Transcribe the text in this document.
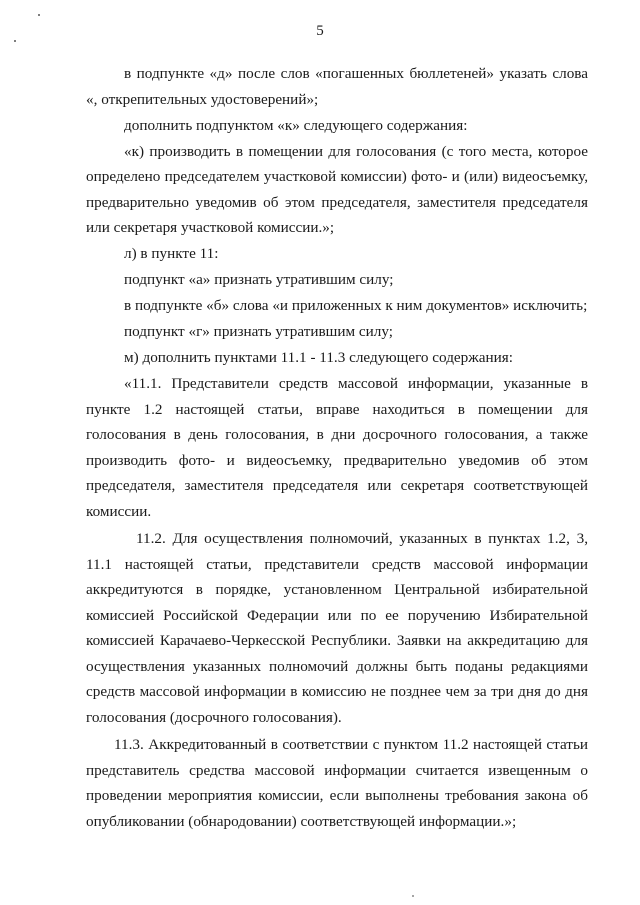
5

в подпункте «д» после слов «погашенных бюллетеней» указать слова «, открепительных удостоверений»;

дополнить подпунктом «к» следующего содержания:

«к) производить в помещении для голосования (с того места, которое определено председателем участковой комиссии) фото- и (или) видеосъемку, предварительно уведомив об этом председателя, заместителя председателя или секретаря участковой комиссии.»;

л) в пункте 11:

подпункт «а» признать утратившим силу;

в подпункте «б» слова «и приложенных к ним документов» исключить;

подпункт «г» признать утратившим силу;

м) дополнить пунктами 11.1 - 11.3 следующего содержания:

«11.1. Представители средств массовой информации, указанные в пункте 1.2 настоящей статьи, вправе находиться в помещении для голосования в день голосования, в дни досрочного голосования, а также производить фото- и видеосъемку, предварительно уведомив об этом председателя, заместителя председателя или секретаря соответствующей комиссии.

11.2. Для осуществления полномочий, указанных в пунктах 1.2, 3, 11.1 настоящей статьи, представители средств массовой информации аккредитуются в порядке, установленном Центральной избирательной комиссией Российской Федерации или по ее поручению Избирательной комиссией Карачаево-Черкесской Республики. Заявки на аккредитацию для осуществления указанных полномочий должны быть поданы редакциями средств массовой информации в комиссию не позднее чем за три дня до дня голосования (досрочного голосования).

11.3. Аккредитованный в соответствии с пунктом 11.2 настоящей статьи представитель средства массовой информации считается извещенным о проведении мероприятия комиссии, если выполнены требования закона об опубликовании (обнародовании) соответствующей информации.»;
